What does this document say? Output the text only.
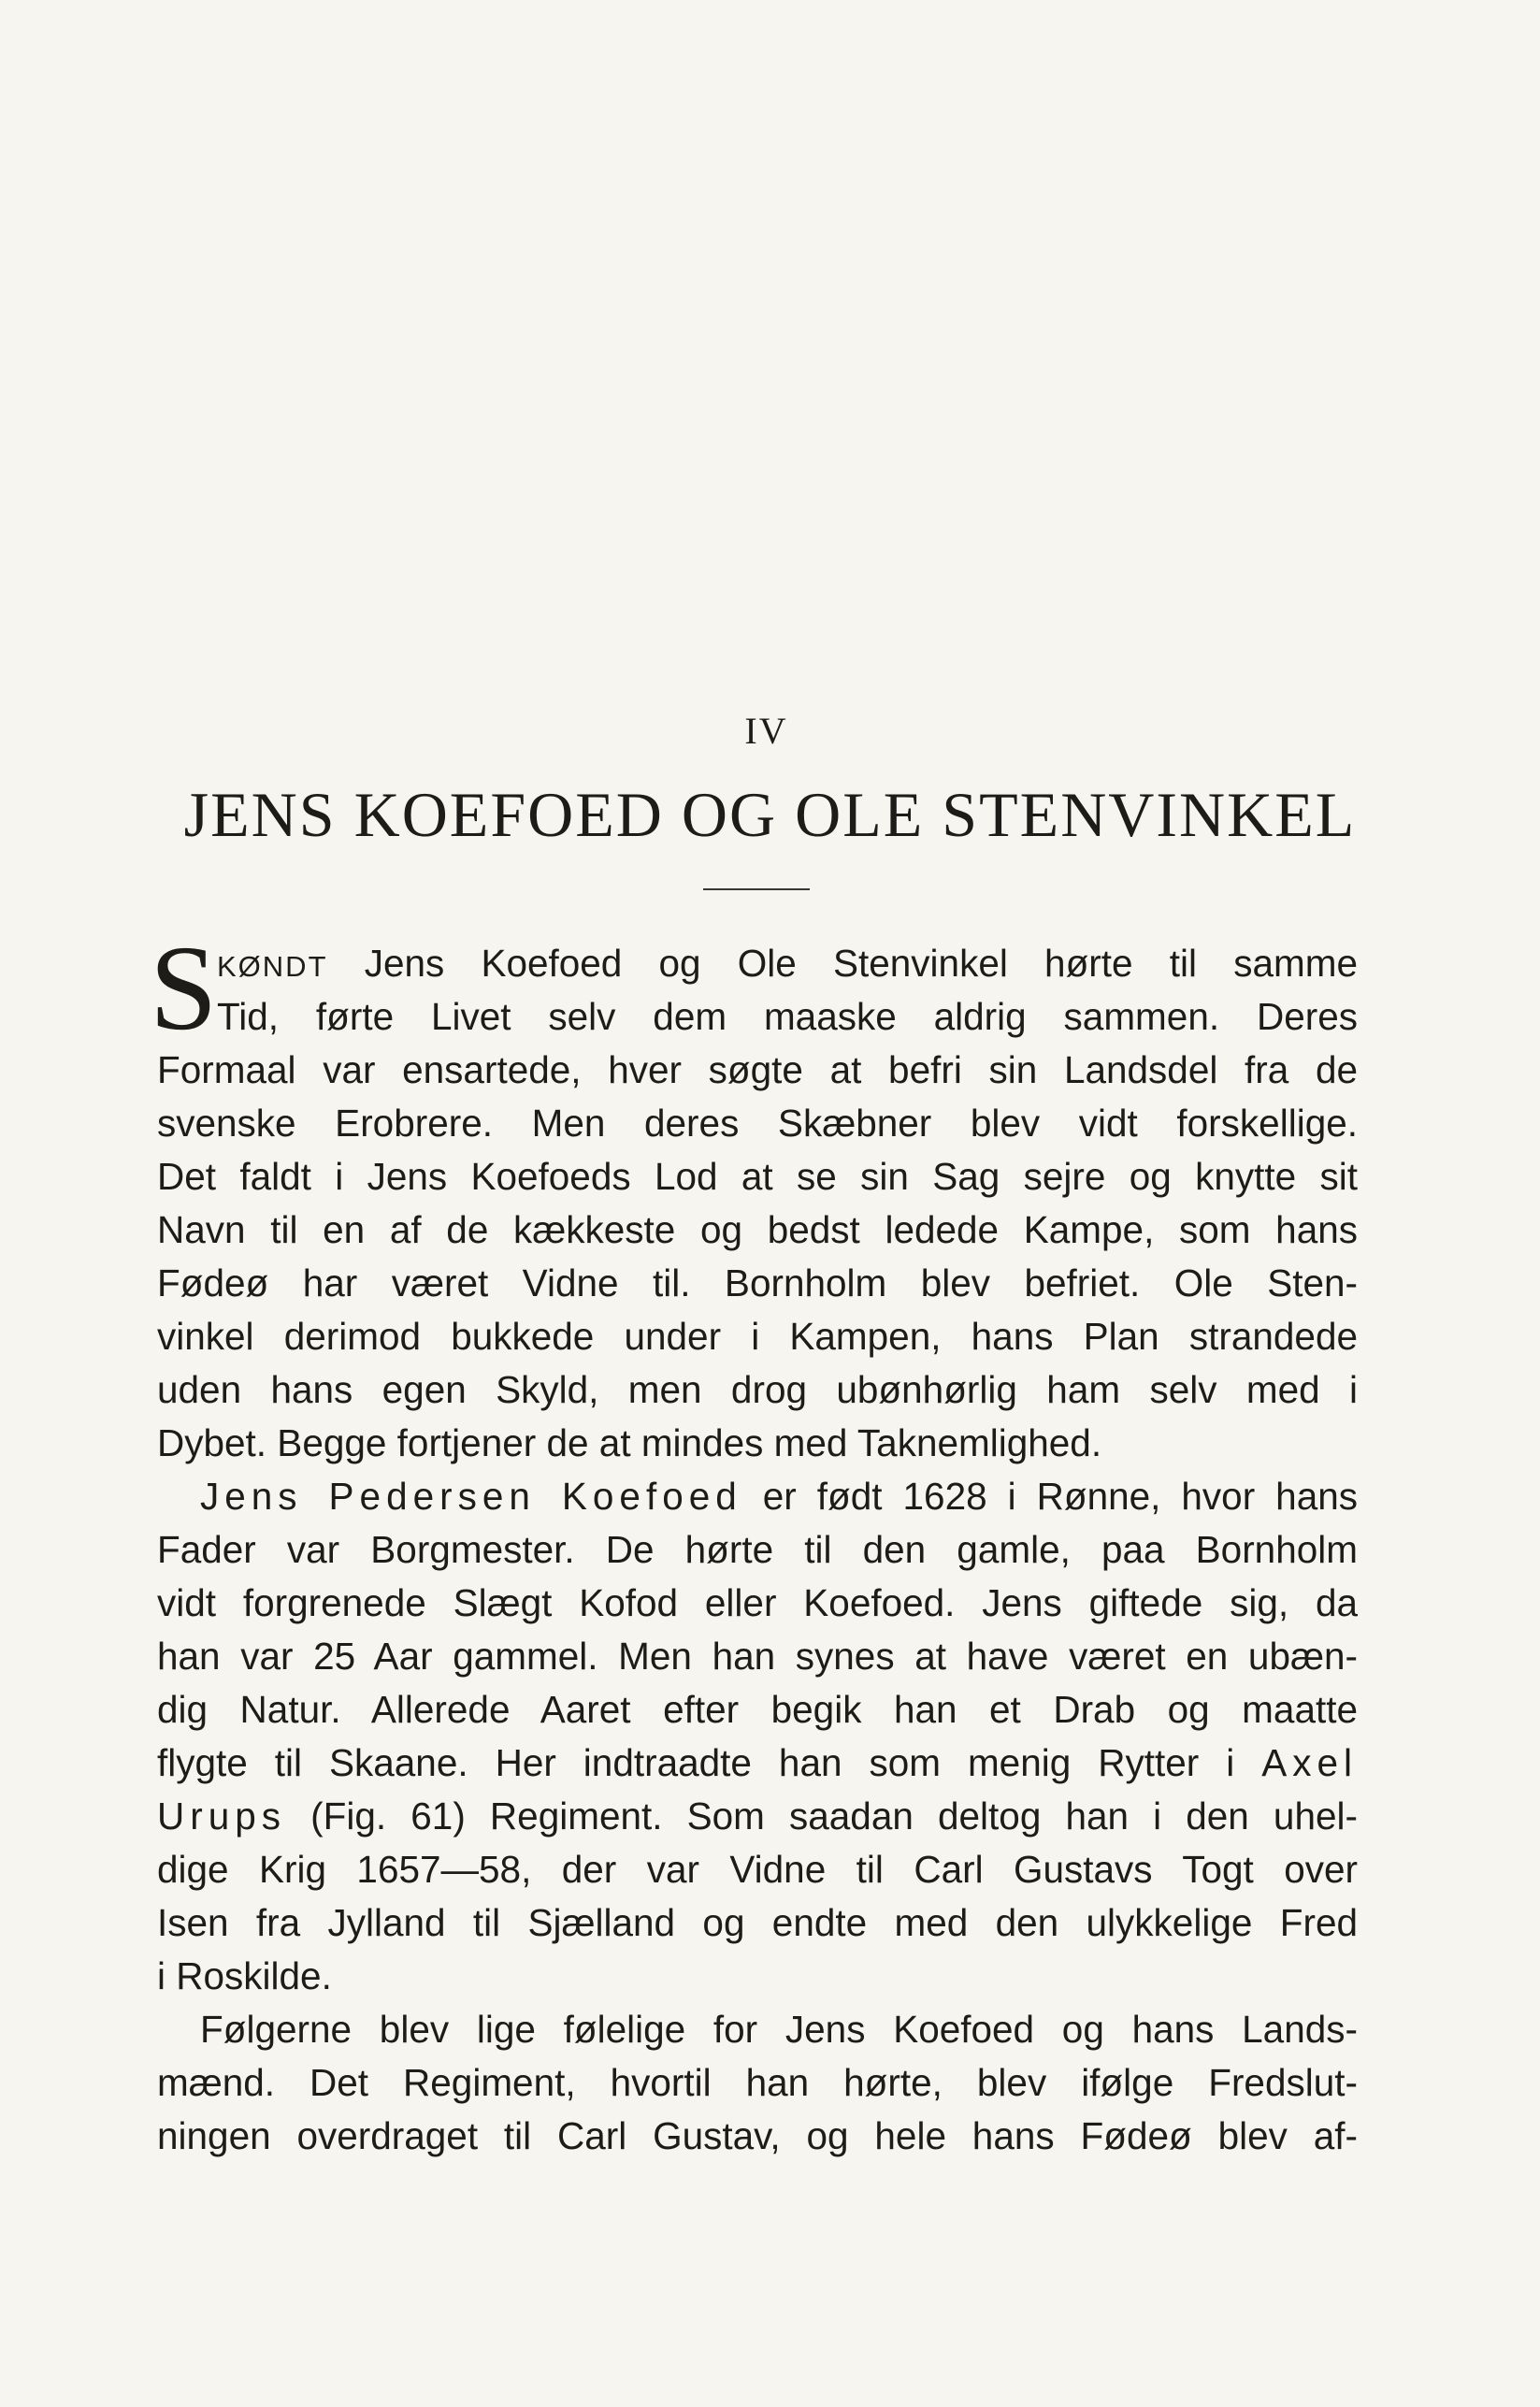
IV
JENS KOEFOED OG OLE STENVINKEL
S KØNDT Jens Koefoed og Ole Stenvinkel hørte til samme
Tid, førte Livet selv dem maaske aldrig sammen. Deres
Formaal var ensartede, hver søgte at befri sin Landsdel fra de
svenske Erobrere. Men deres Skæbner blev vidt forskellige.
Det faldt i Jens Koefoeds Lod at se sin Sag sejre og knytte sit
Navn til en af de kækkeste og bedst ledede Kampe, som hans
Fødeø har været Vidne til. Bornholm blev befriet. Ole Sten-
vinkel derimod bukkede under i Kampen, hans Plan strandede
uden hans egen Skyld, men drog ubønhørlig ham selv med i
Dybet. Begge fortjener de at mindes med Taknemlighed.
Jens Pedersen Koefoed er født 1628 i Rønne, hvor hans
Fader var Borgmester. De hørte til den gamle, paa Bornholm
vidt forgrenede Slægt Kofod eller Koefoed. Jens giftede sig, da
han var 25 Aar gammel. Men han synes at have været en ubæn-
dig Natur. Allerede Aaret efter begik han et Drab og maatte
flygte til Skaane. Her indtraadte han som menig Rytter i Axel
Urups (Fig. 61) Regiment. Som saadan deltog han i den uhel-
dige Krig 1657—58, der var Vidne til Carl Gustavs Togt over
Isen fra Jylland til Sjælland og endte med den ulykkelige Fred
i Roskilde.
Følgerne blev lige følelige for Jens Koefoed og hans Lands-
mænd. Det Regiment, hvortil han hørte, blev ifølge Fredslut-
ningen overdraget til Carl Gustav, og hele hans Fødeø blev af-
